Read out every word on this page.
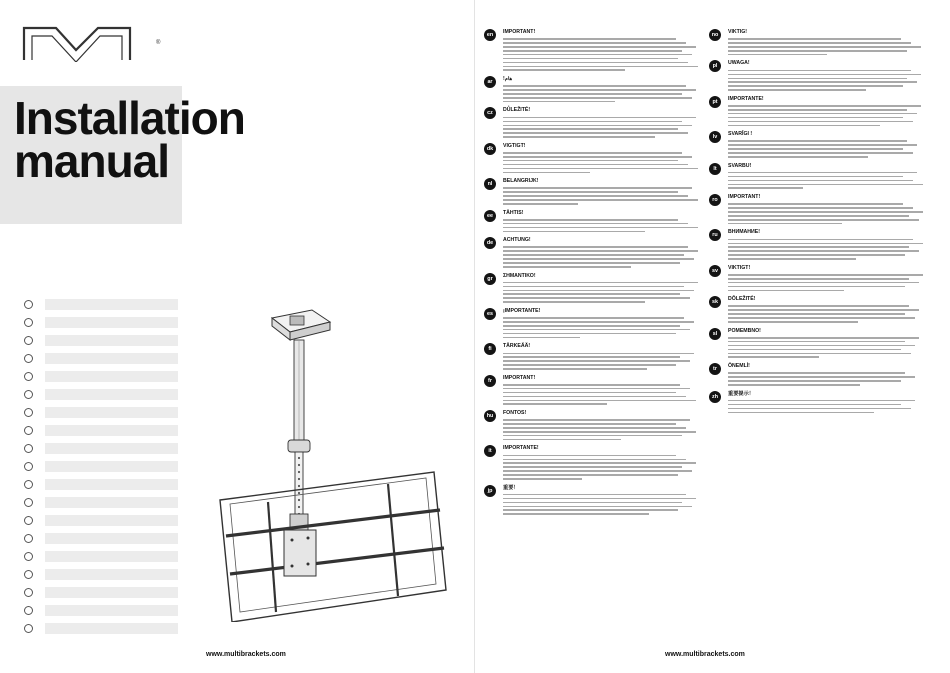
®
Installation
manual
www.multibrackets.com
en	IMPORTANT!

ar	!هام

cz	DŮLEŽITÉ!

dk	VIGTIGT!

nl	BELANGRIJK!

ee	TÄHTIS!

de	ACHTUNG!

gr	ΣΗΜΑΝΤΙΚΟ!

es	¡IMPORTANTE!

fi	TÄRKEÄÄ!

fr	IMPORTANT!

hu	FONTOS!

it	IMPORTANTE!

jp	重要！

no	VIKTIG!

pl	UWAGA!

pt	IMPORTANTE!

lv	SVARĪGI !

lt	SVARBU!

ro	IMPORTANT!

ru	ВНИМАНИЕ!

sv	VIKTIGT!

sk	DÔLEŽITÉ!

sl	POMEMBNO!

tr	ÖNEMLİ!

zh	重要提示！

www.multibrackets.com
